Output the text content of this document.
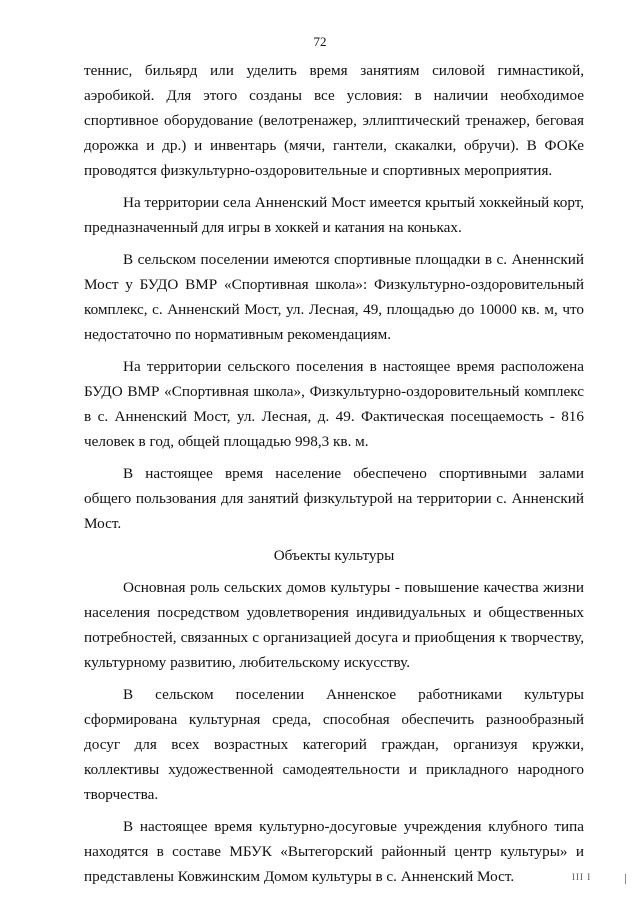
72

теннис, бильярд или уделить время занятиям силовой гимнастикой, аэробикой. Для этого созданы все условия: в наличии необходимое спортивное оборудование (велотренажер, эллиптический тренажер, беговая дорожка и др.) и инвентарь (мячи, гантели, скакалки, обручи). В ФОКе проводятся физкультурно-оздоровительные и спортивных мероприятия.

На территории села Анненский Мост имеется крытый хоккейный корт, предназначенный для игры в хоккей и катания на коньках.

В сельском поселении имеются спортивные площадки в с. Аненнский Мост у БУДО ВМР «Спортивная школа»: Физкультурно-оздоровительный комплекс, с. Анненский Мост, ул. Лесная, 49, площадью до 10000 кв. м, что недостаточно по нормативным рекомендациям.

На территории сельского поселения в настоящее время расположена БУДО ВМР «Спортивная школа», Физкультурно-оздоровительный комплекс в с. Анненский Мост, ул. Лесная, д. 49. Фактическая посещаемость - 816 человек в год, общей площадью 998,3 кв. м.

В настоящее время население обеспечено спортивными залами общего пользования для занятий физкультурой на территории с. Анненский Мост.

Объекты культуры

Основная роль сельских домов культуры - повышение качества жизни населения посредством удовлетворения индивидуальных и общественных потребностей, связанных с организацией досуга и приобщения к творчеству, культурному развитию, любительскому искусству.

В сельском поселении Анненское работниками культуры сформирована культурная среда, способная обеспечить разнообразный досуг для всех возрастных категорий граждан, организуя кружки, коллективы художественной самодеятельности и прикладного народного творчества.

В настоящее время культурно-досуговые учреждения клубного типа находятся в составе МБУК «Вытегорский районный центр культуры» и представлены Ковжинским Домом культуры в с. Анненский Мост.	ІІІ І
